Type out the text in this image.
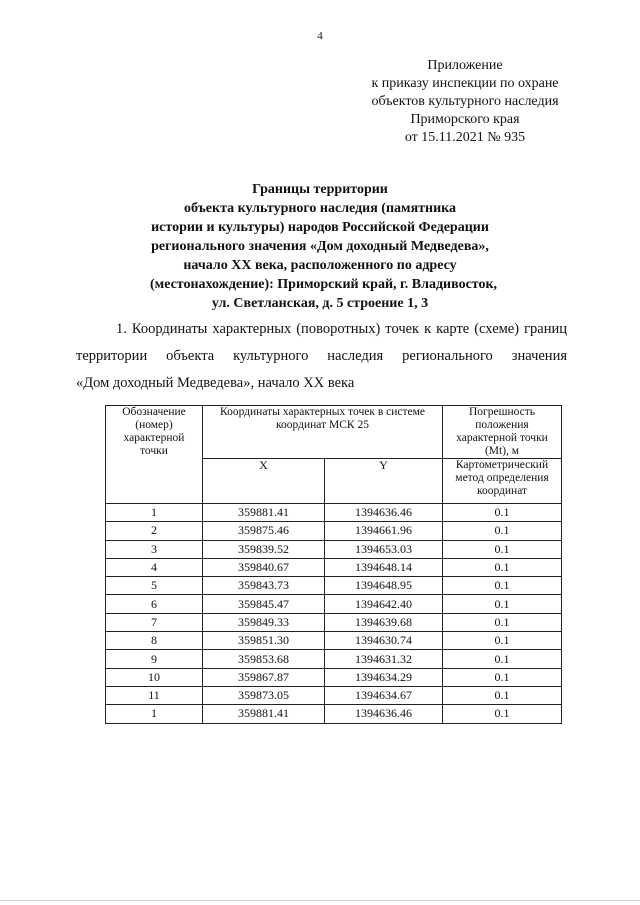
4
Приложение
к приказу инспекции по охране
объектов культурного наследия
Приморского края
от 15.11.2021 № 935
Границы территории
объекта культурного наследия (памятника
истории и культуры) народов Российской Федерации
регионального значения «Дом доходный Медведева»,
начало XX века, расположенного по адресу
(местонахождение): Приморский край, г. Владивосток,
ул. Светланская, д. 5 строение 1, 3
1. Координаты характерных (поворотных) точек к карте (схеме) границ
территории объекта культурного наследия регионального значения
«Дом доходный Медведева», начало XX века
Обозначение (номер) характерной точки	Координаты характерных точек в системе координат МСК 25		Погрешность положения характерной точки (Mt), м
	X	Y	Картометрический метод определения координат
1	359881.41	1394636.46	0.1
2	359875.46	1394661.96	0.1
3	359839.52	1394653.03	0.1
4	359840.67	1394648.14	0.1
5	359843.73	1394648.95	0.1
6	359845.47	1394642.40	0.1
7	359849.33	1394639.68	0.1
8	359851.30	1394630.74	0.1
9	359853.68	1394631.32	0.1
10	359867.87	1394634.29	0.1
11	359873.05	1394634.67	0.1
1	359881.41	1394636.46	0.1
